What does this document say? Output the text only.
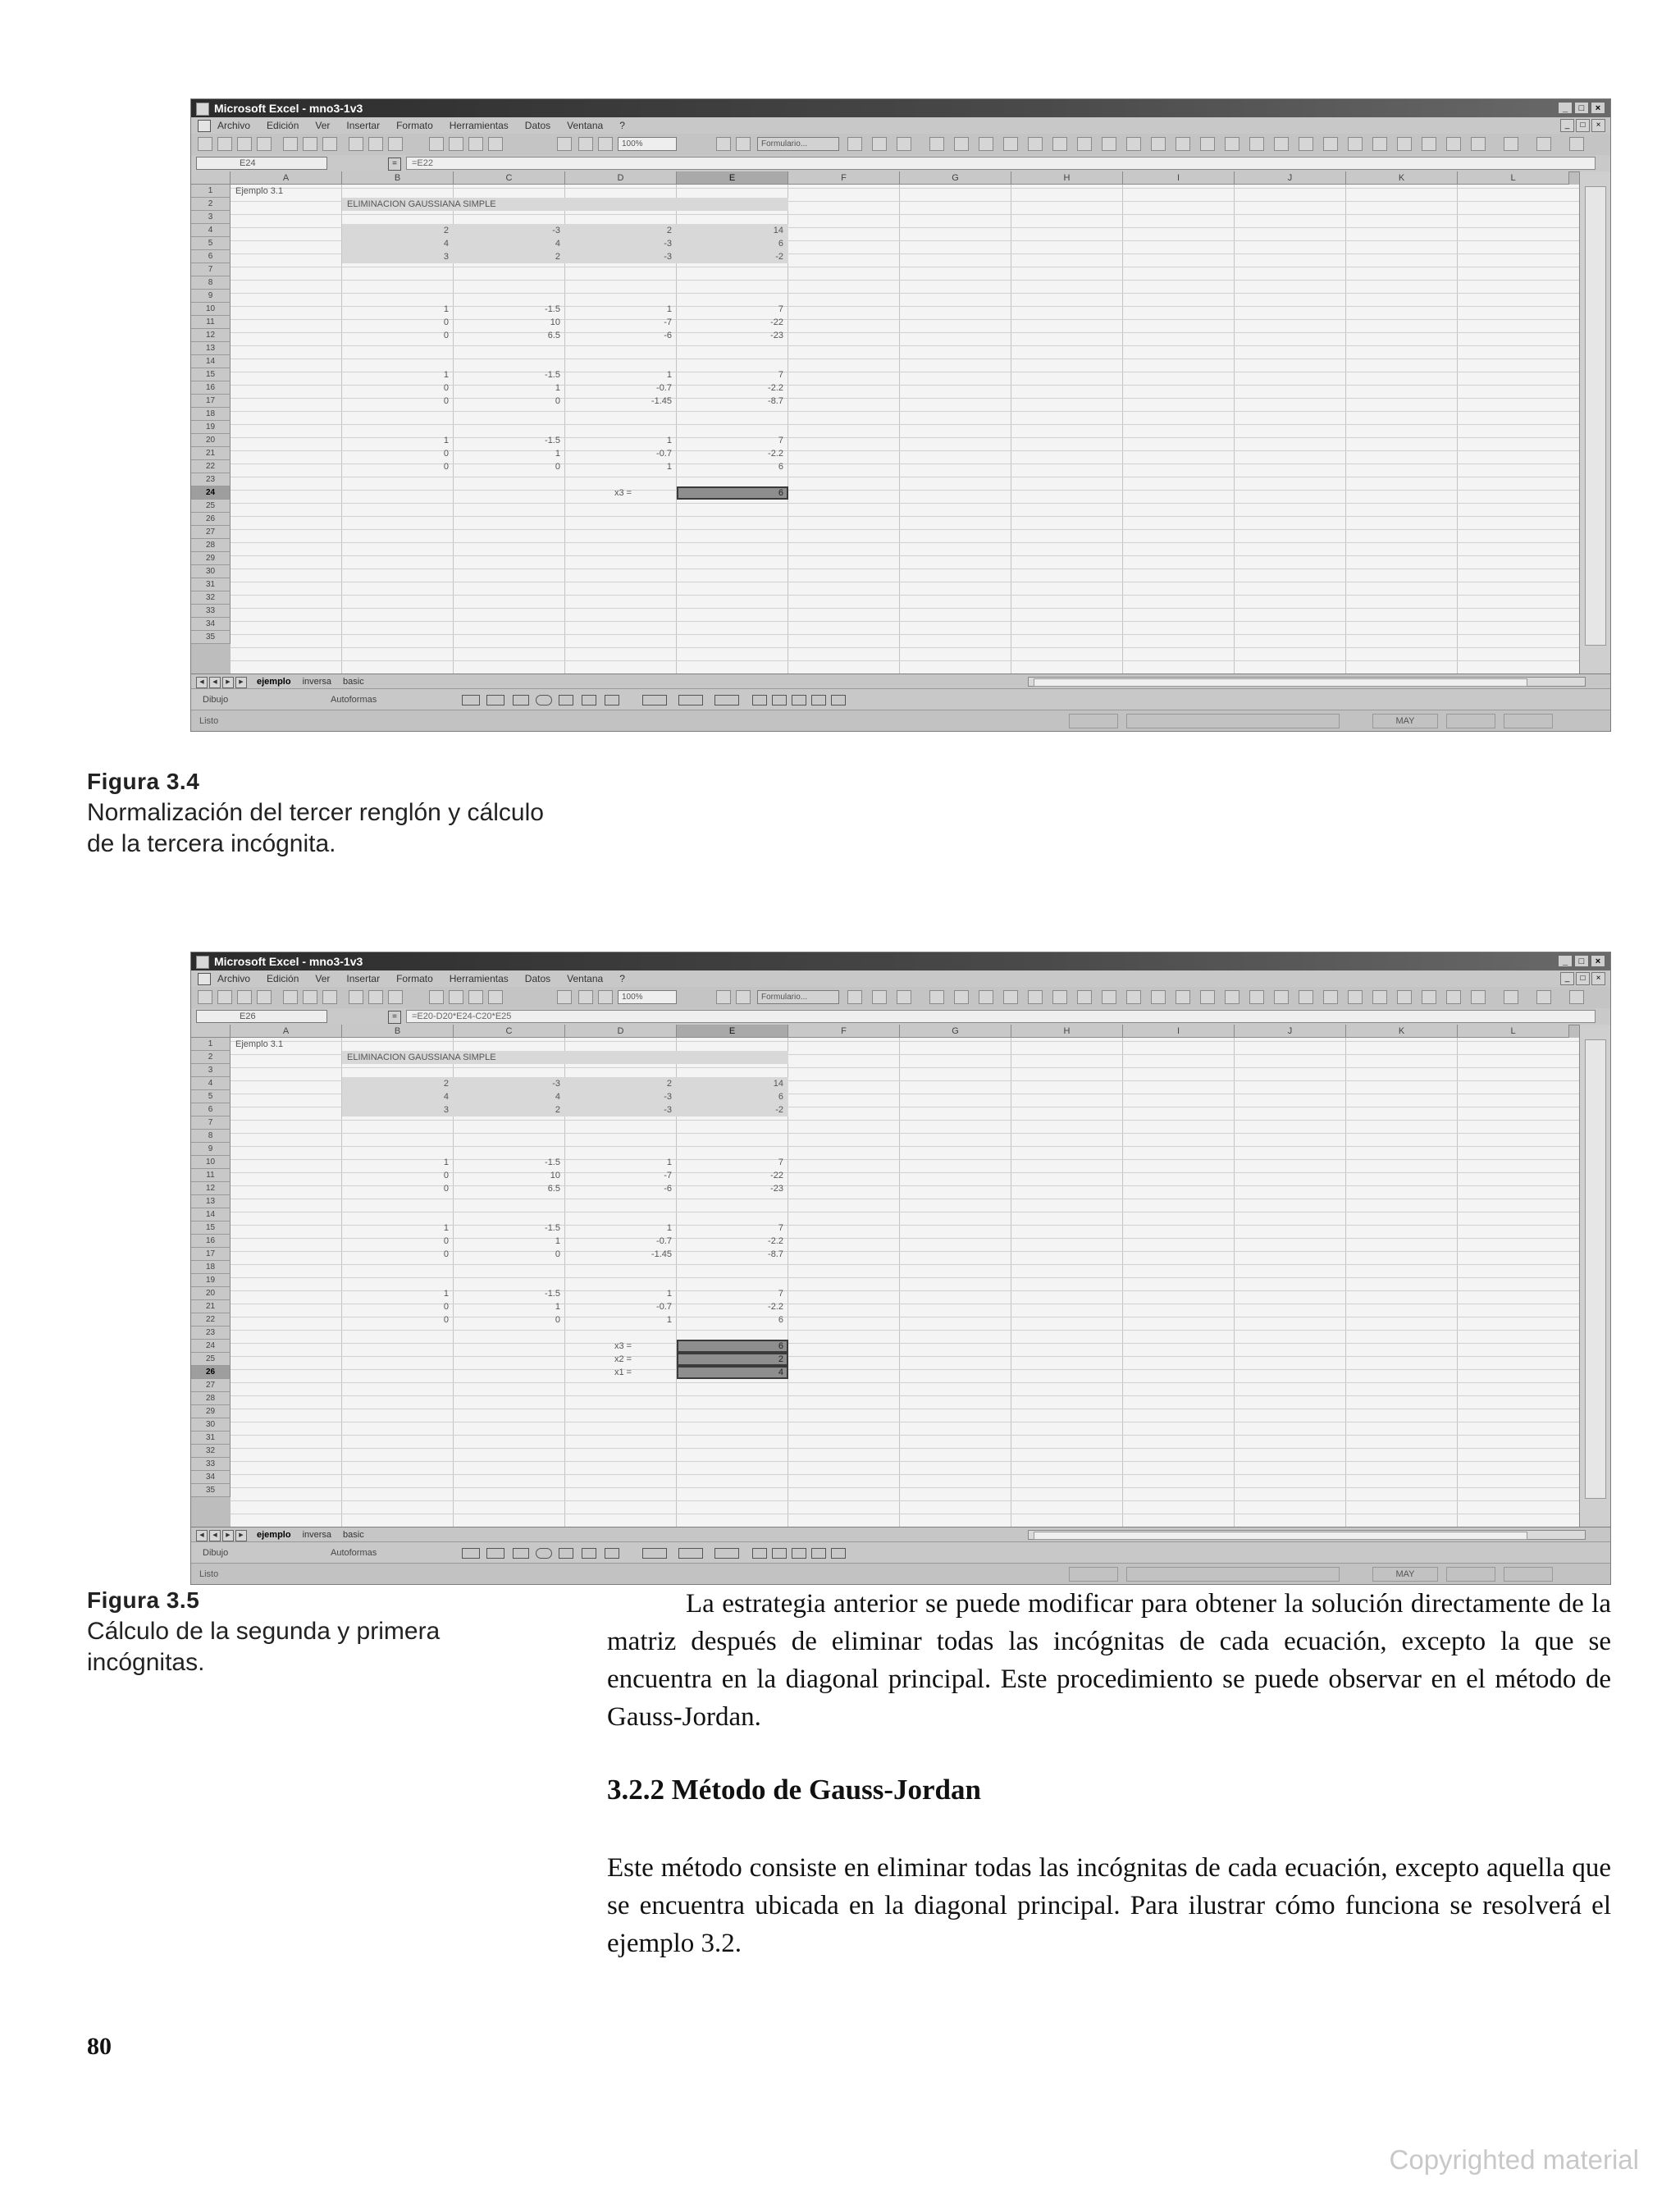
Microsoft Excel - mno3-1v3	_	□	×
Archivo Edición Ver Insertar Formato Herramientas Datos Ventana ?	_	□	×
100%	Formulario...
E24	=	=E22
Ejemplo 3.1
ELIMINACION GAUSSIANA SIMPLE
2	-3	2	14
4	4	-3	6
3	2	-3	-2
1	-1.5	1	7
0	10	-7	-22
0	6.5	-6	-23
1	-1.5	1	7
0	1	-0.7	-2.2
0	0	-1.45	-8.7
1	-1.5	1	7
0	1	-0.7	-2.2
0	0	1	6
x3 =	6
A	B	C	D	E	F	G	H	I	J	K	L
1
2
3
4
5
6
7
8
9
10
11
12
13
14
15
16
17
18
19
20
21
22
23
24
25
26
27
28
29
30
31
32
33
34
35
◀	◀	▶	▶	ejemplo inversa basic
Dibujo	Autoformas
Listo	MAY
Figura 3.4
Normalización del tercer renglón y cálculo de la tercera incógnita.
Microsoft Excel - mno3-1v3	_	□	×
Archivo Edición Ver Insertar Formato Herramientas Datos Ventana ?	_	□	×
100%	Formulario...
E26	=	=E20-D20*E24-C20*E25
Ejemplo 3.1
ELIMINACION GAUSSIANA SIMPLE
2	-3	2	14
4	4	-3	6
3	2	-3	-2
1	-1.5	1	7
0	10	-7	-22
0	6.5	-6	-23
1	-1.5	1	7
0	1	-0.7	-2.2
0	0	-1.45	-8.7
1	-1.5	1	7
0	1	-0.7	-2.2
0	0	1	6
x3 =	6
x2 =	2
x1 =	4
A	B	C	D	E	F	G	H	I	J	K	L
1
2
3
4
5
6
7
8
9
10
11
12
13
14
15
16
17
18
19
20
21
22
23
24
25
26
27
28
29
30
31
32
33
34
35
◀	◀	▶	▶	ejemplo inversa basic
Dibujo	Autoformas
Listo	MAY
Figura 3.5
Cálculo de la segunda y primera incógnitas.
La estrategia anterior se puede modificar para obtener la solución directamente de la matriz después de eliminar todas las incógnitas de cada ecuación, excepto la que se encuentra en la diagonal principal. Este procedimiento se puede observar en el método de Gauss-Jordan.
3.2.2 Método de Gauss-Jordan
Este método consiste en eliminar todas las incógnitas de cada ecuación, excepto aquella que se encuentra ubicada en la diagonal principal. Para ilustrar cómo funciona se resolverá el ejemplo 3.2.
80
Copyrighted material
